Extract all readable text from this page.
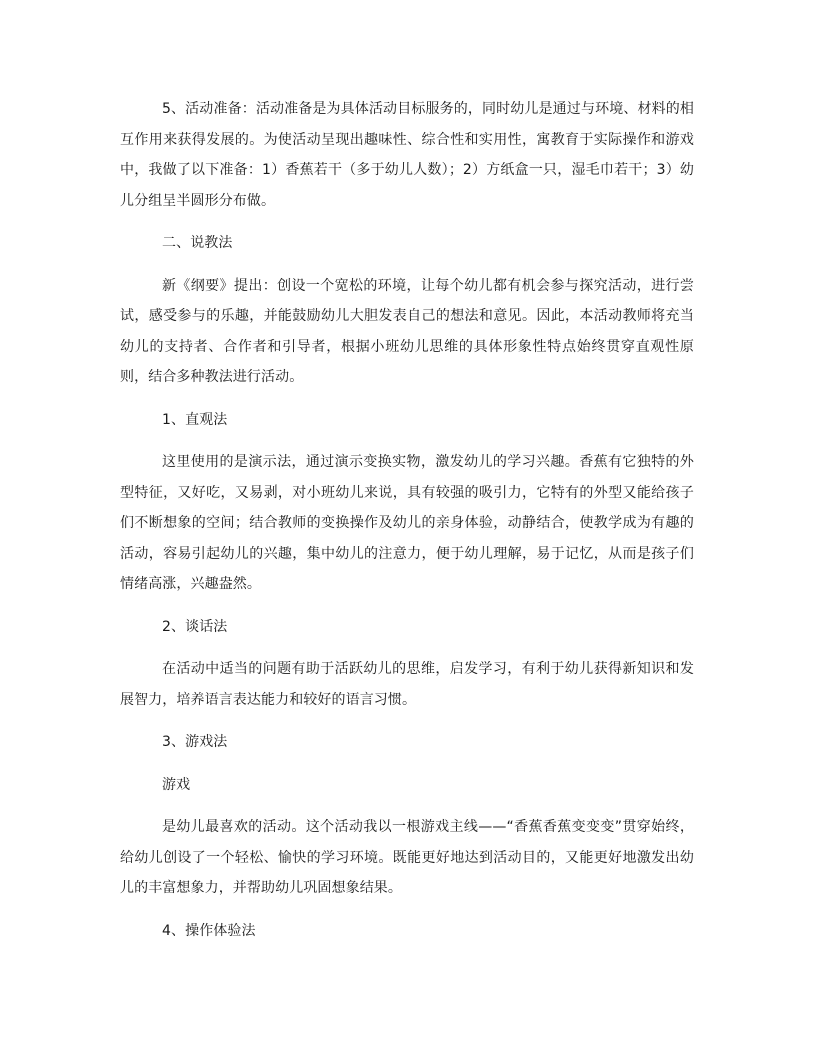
5、活动准备：活动准备是为具体活动目标服务的，同时幼儿是通过与环境、材料的相互作用来获得发展的。为使活动呈现出趣味性、综合性和实用性，寓教育于实际操作和游戏中，我做了以下准备：1）香蕉若干（多于幼儿人数）；2）方纸盒一只，湿毛巾若干；3）幼儿分组呈半圆形分布做。

二、说教法

新《纲要》提出：创设一个宽松的环境，让每个幼儿都有机会参与探究活动，进行尝试，感受参与的乐趣，并能鼓励幼儿大胆发表自己的想法和意见。因此，本活动教师将充当幼儿的支持者、合作者和引导者，根据小班幼儿思维的具体形象性特点始终贯穿直观性原则，结合多种教法进行活动。

1、直观法

这里使用的是演示法，通过演示变换实物，激发幼儿的学习兴趣。香蕉有它独特的外型特征，又好吃，又易剥，对小班幼儿来说，具有较强的吸引力，它特有的外型又能给孩子们不断想象的空间；结合教师的变换操作及幼儿的亲身体验，动静结合，使教学成为有趣的活动，容易引起幼儿的兴趣，集中幼儿的注意力，便于幼儿理解，易于记忆，从而是孩子们情绪高涨，兴趣盎然。

2、谈话法

在活动中适当的问题有助于活跃幼儿的思维，启发学习，有利于幼儿获得新知识和发展智力，培养语言表达能力和较好的语言习惯。

3、游戏法

游戏

是幼儿最喜欢的活动。这个活动我以一根游戏主线——“香蕉香蕉变变变”贯穿始终，给幼儿创设了一个轻松、愉快的学习环境。既能更好地达到活动目的，又能更好地激发出幼儿的丰富想象力，并帮助幼儿巩固想象结果。

4、操作体验法
